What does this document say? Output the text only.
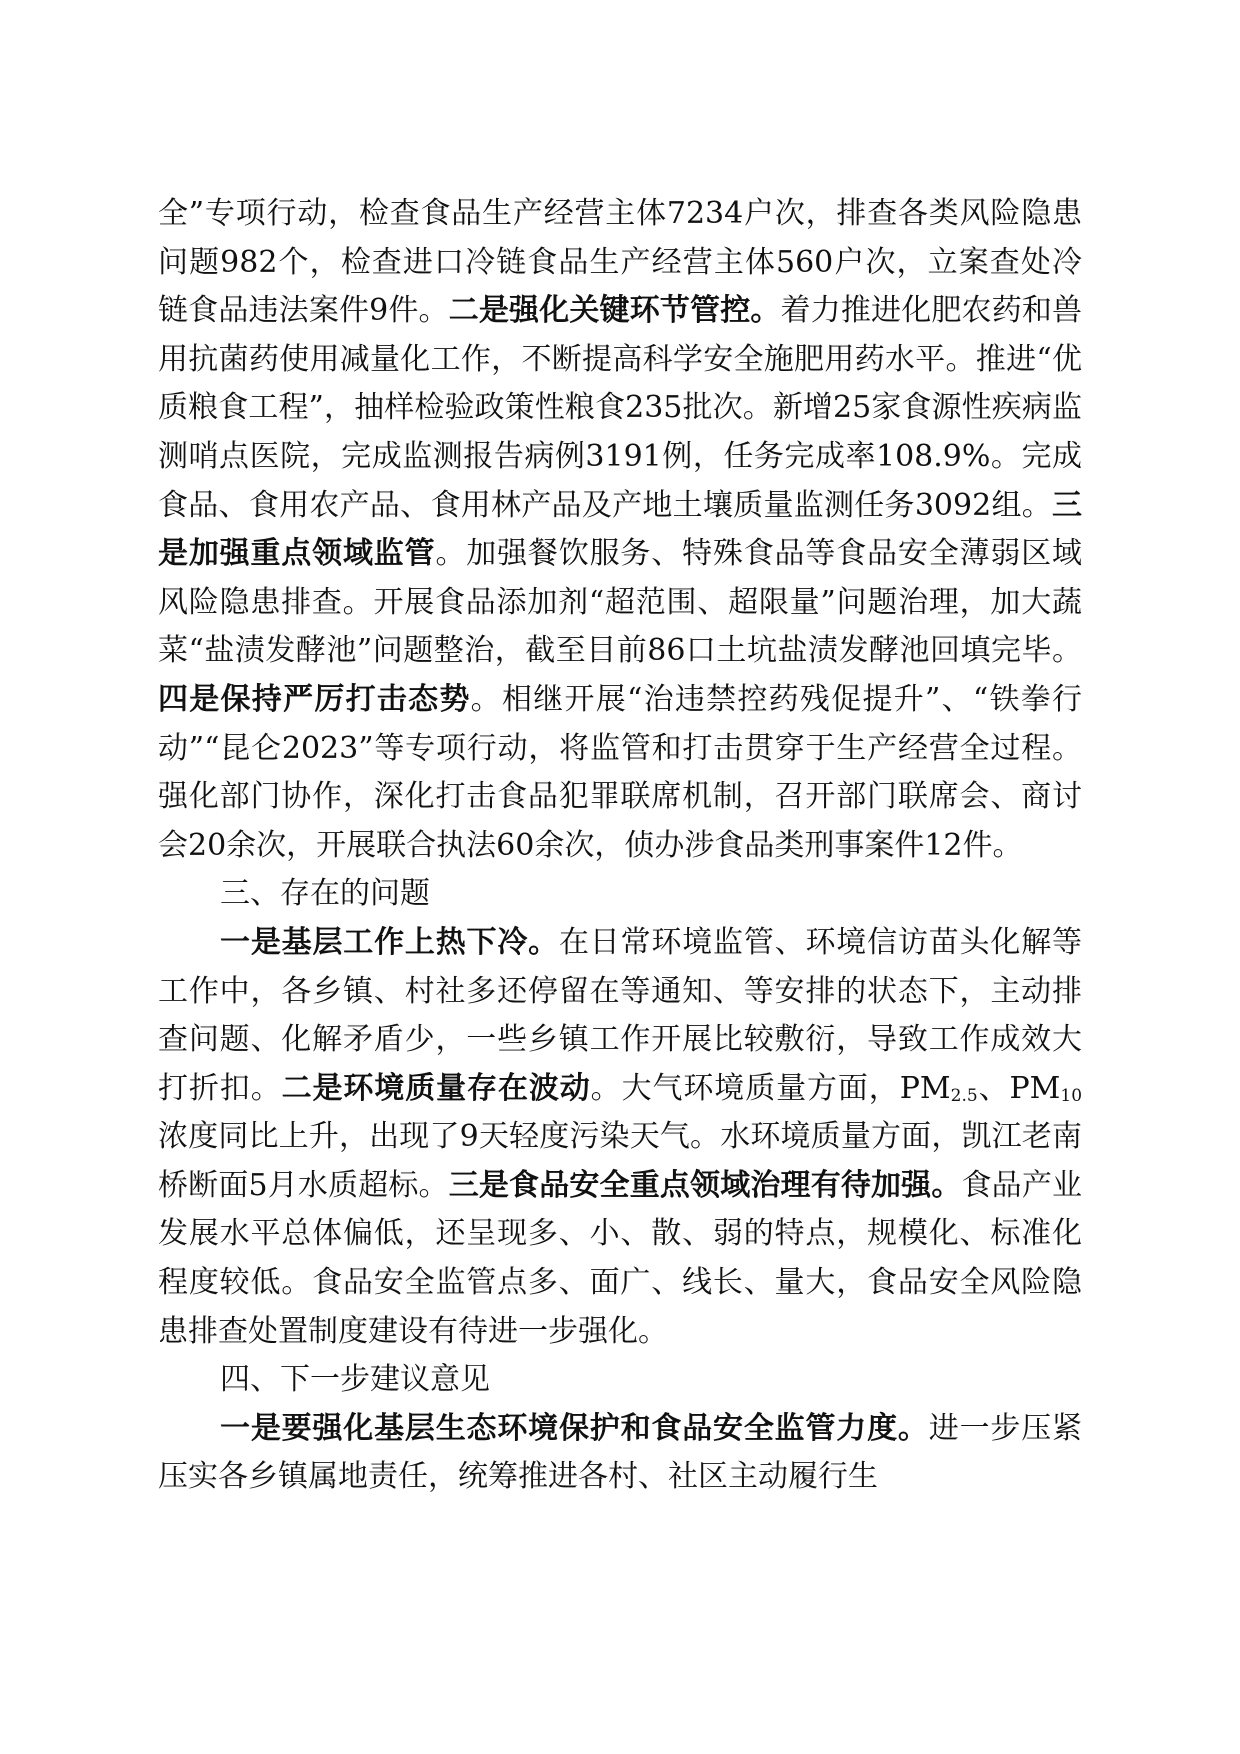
全”专项行动，检查食品生产经营主体7234户次，排查各类风险隐患问题982个，检查进口冷链食品生产经营主体560户次，立案查处冷链食品违法案件9件。二是强化关键环节管控。着力推进化肥农药和兽用抗菌药使用减量化工作，不断提高科学安全施肥用药水平。推进“优质粮食工程”，抽样检验政策性粮食235批次。新增25家食源性疾病监测哨点医院，完成监测报告病例3191例，任务完成率108.9%。完成食品、食用农产品、食用林产品及产地土壤质量监测任务3092组。三是加强重点领域监管。加强餐饮服务、特殊食品等食品安全薄弱区域风险隐患排查。开展食品添加剂“超范围、超限量”问题治理，加大蔬菜“盐渍发酵池”问题整治，截至目前86口土坑盐渍发酵池回填完毕。四是保持严厉打击态势。相继开展“治违禁控药残促提升”、“铁拳行动”“昆仑2023”等专项行动，将监管和打击贯穿于生产经营全过程。强化部门协作，深化打击食品犯罪联席机制，召开部门联席会、商讨会20余次，开展联合执法60余次，侦办涉食品类刑事案件12件。

三、存在的问题

一是基层工作上热下冷。在日常环境监管、环境信访苗头化解等工作中，各乡镇、村社多还停留在等通知、等安排的状态下，主动排查问题、化解矛盾少，一些乡镇工作开展比较敷衍，导致工作成效大打折扣。二是环境质量存在波动。大气环境质量方面，$PM_{2.5}$、$PM_{10}$浓度同比上升，出现了9天轻度污染天气。水环境质量方面，凯江老南桥断面5月水质超标。三是食品安全重点领域治理有待加强。食品产业发展水平总体偏低，还呈现多、小、散、弱的特点，规模化、标准化程度较低。食品安全监管点多、面广、线长、量大，食品安全风险隐患排查处置制度建设有待进一步强化。

四、下一步建议意见

一是要强化基层生态环境保护和食品安全监管力度。进一步压紧压实各乡镇属地责任，统筹推进各村、社区主动履行生
